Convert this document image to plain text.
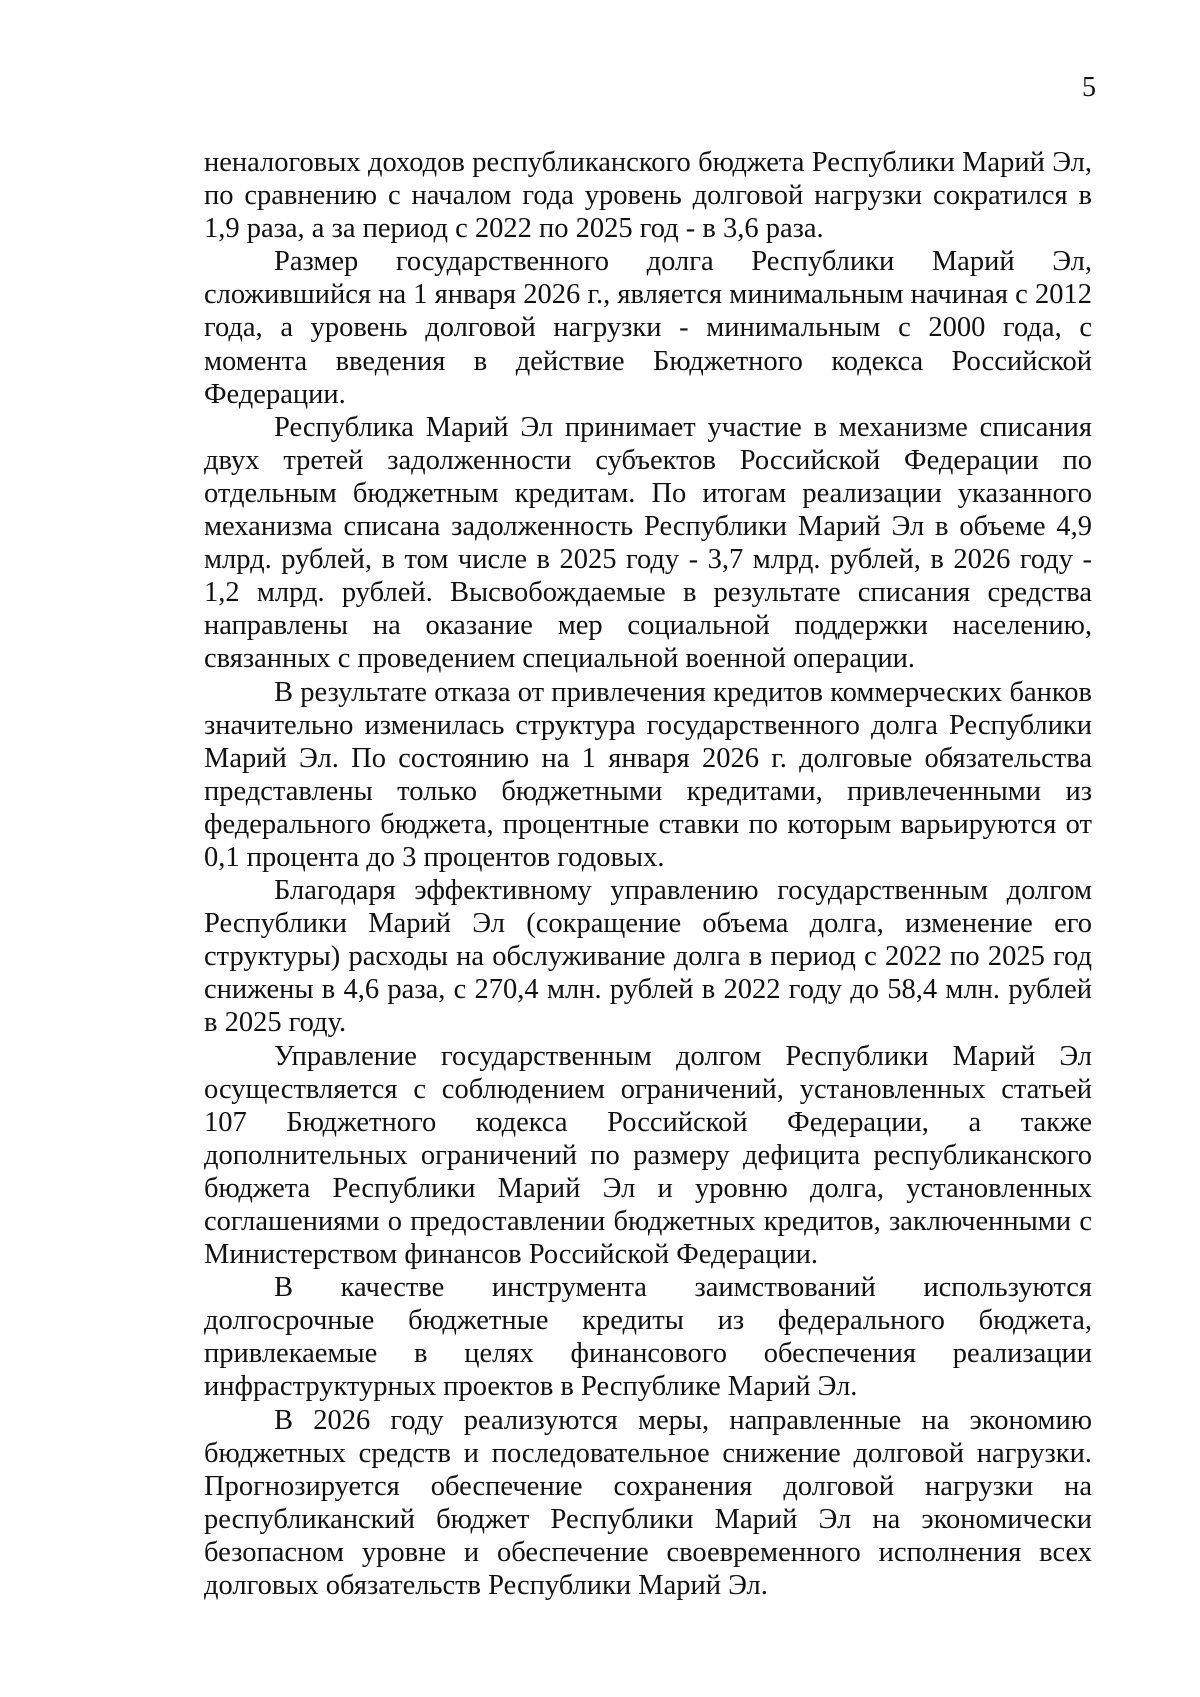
5

неналоговых доходов республиканского бюджета Республики Марий Эл, по сравнению с началом года уровень долговой нагрузки сократился в 1,9 раза, а за период с 2022 по 2025 год - в 3,6 раза.

Размер государственного долга Республики Марий Эл, сложившийся на 1 января 2026 г., является минимальным начиная с 2012 года, а уровень долговой нагрузки - минимальным с 2000 года, с момента введения в действие Бюджетного кодекса Российской Федерации.

Республика Марий Эл принимает участие в механизме списания двух третей задолженности субъектов Российской Федерации по отдельным бюджетным кредитам. По итогам реализации указанного механизма списана задолженность Республики Марий Эл в объеме 4,9 млрд. рублей, в том числе в 2025 году - 3,7 млрд. рублей, в 2026 году - 1,2 млрд. рублей. Высвобождаемые в результате списания средства направлены на оказание мер социальной поддержки населению, связанных с проведением специальной военной операции.

В результате отказа от привлечения кредитов коммерческих банков значительно изменилась структура государственного долга Республики Марий Эл. По состоянию на 1 января 2026 г. долговые обязательства представлены только бюджетными кредитами, привлеченными из федерального бюджета, процентные ставки по которым варьируются от 0,1 процента до 3 процентов годовых.

Благодаря эффективному управлению государственным долгом Республики Марий Эл (сокращение объема долга, изменение его структуры) расходы на обслуживание долга в период с 2022 по 2025 год снижены в 4,6 раза, с 270,4 млн. рублей в 2022 году до 58,4 млн. рублей в 2025 году.

Управление государственным долгом Республики Марий Эл осуществляется с соблюдением ограничений, установленных статьей 107 Бюджетного кодекса Российской Федерации, а также дополнительных ограничений по размеру дефицита республиканского бюджета Республики Марий Эл и уровню долга, установленных соглашениями о предоставлении бюджетных кредитов, заключенными с Министерством финансов Российской Федерации.

В качестве инструмента заимствований используются долгосрочные бюджетные кредиты из федерального бюджета, привлекаемые в целях финансового обеспечения реализации инфраструктурных проектов в Республике Марий Эл.

В 2026 году реализуются меры, направленные на экономию бюджетных средств и последовательное снижение долговой нагрузки. Прогнозируется обеспечение сохранения долговой нагрузки на республиканский бюджет Республики Марий Эл на экономически безопасном уровне и обеспечение своевременного исполнения всех долговых обязательств Республики Марий Эл.
